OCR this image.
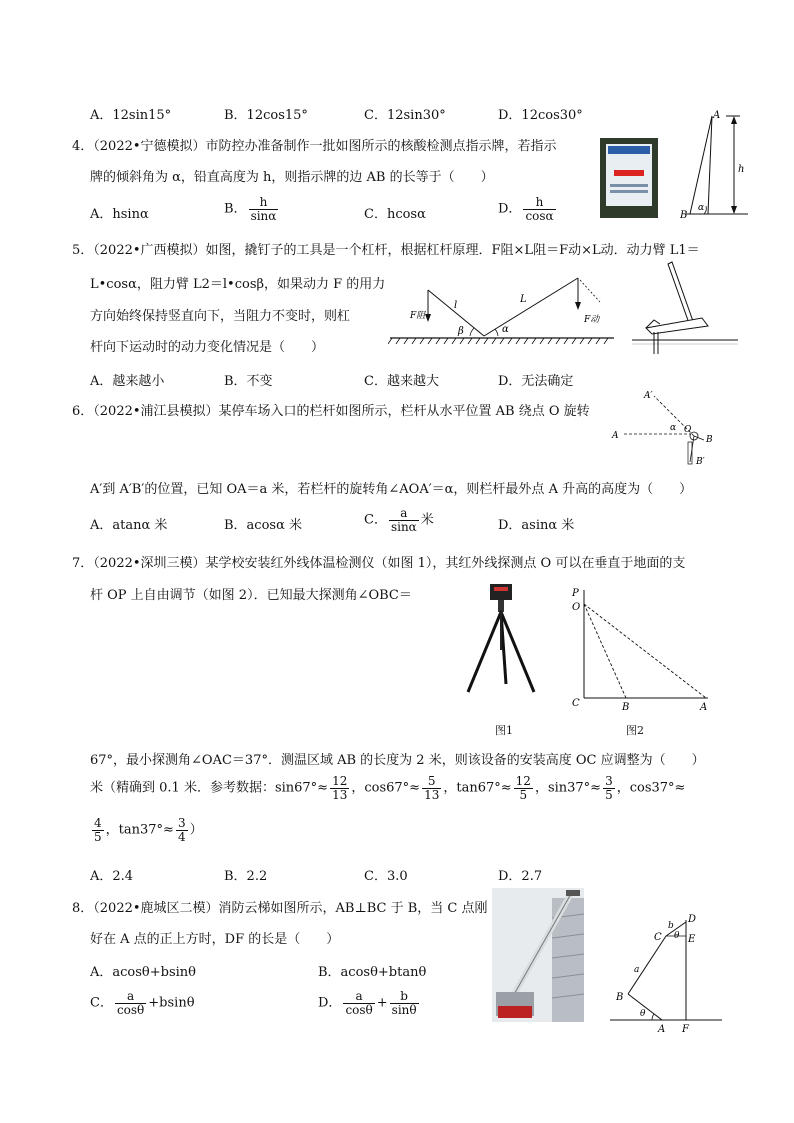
A．12sin15°	B．12cos15°	C．12sin30°	D．12cos30°
4．（2022•宁德模拟）市防控办准备制作一批如图所示的核酸检测点指示牌，若指示
牌的倾斜角为 α，铅直高度为 h，则指示牌的边 AB 的长等于（　　）
A．hsinα	B． $\frac{h}{\sin\alpha}$	C．hcosα	D． $\frac{h}{\cos\alpha}$
A
B
h
α
5．（2022•广西模拟）如图，撬钉子的工具是一个杠杆，根据杠杆原理．F阻×L阻＝F动×L动．动力臂 L1＝
L•cosα，阻力臂 L2＝l•cosβ，如果动力 F 的用力
方向始终保持竖直向下，当阻力不变时，则杠
杆向下运动时的动力变化情况是（　　）
A．越来越小	B．不变	C．越来越大	D．无法确定
F阻	F动
l
L
β	α
6．（2022•浦江县模拟）某停车场入口的栏杆如图所示，栏杆从水平位置 AB 绕点 O 旋转
A′到 A′B′的位置，已知 OA＝a 米，若栏杆的旋转角∠AOA′＝α，则栏杆最外点 A 升高的高度为（　　）
A．atanα 米	B．acosα 米	C． $\frac{a}{\sin\alpha}$ 米	D．asinα 米
A
A′
O
B
B′
α
7．（2022•深圳三模）某学校安装红外线体温检测仪（如图 1），其红外线探测点 O 可以在垂直于地面的支
杆 OP 上自由调节（如图 2）．已知最大探测角∠OBC＝
图1
P
O
C	B	A
图2
67°，最小探测角∠OAC＝37°．测温区域 AB 的长度为 2 米，则该设备的安装高度 OC 应调整为（　　）
米（精确到 0.1 米．参考数据：$\sin 67^\circ\approx \frac{12}{13}$ ，$\cos 67^\circ\approx \frac{5}{13}$ ，$\tan 67^\circ\approx \frac{12}{5}$ ，$\sin 37^\circ\approx \frac{3}{5}$ ，cos37°≈
$\frac{4}{5}$ ，$\tan 37^\circ\approx \frac{3}{4}$ ）
A．2.4	B．2.2	C．3.0	D．2.7
8．（2022•鹿城区二模）消防云梯如图所示，AB⊥BC 于 B，当 C 点刚
好在 A 点的正上方时，DF 的长是（　　）
A．acosθ+bsinθ	B．acosθ+btanθ
C． $\frac{a}{\cos\theta} +bsin\theta$	D． $\frac{a}{\cos\theta} + \frac{b}{\sin\theta}$
D
E
C
b
θ
a
B
θ
A F
